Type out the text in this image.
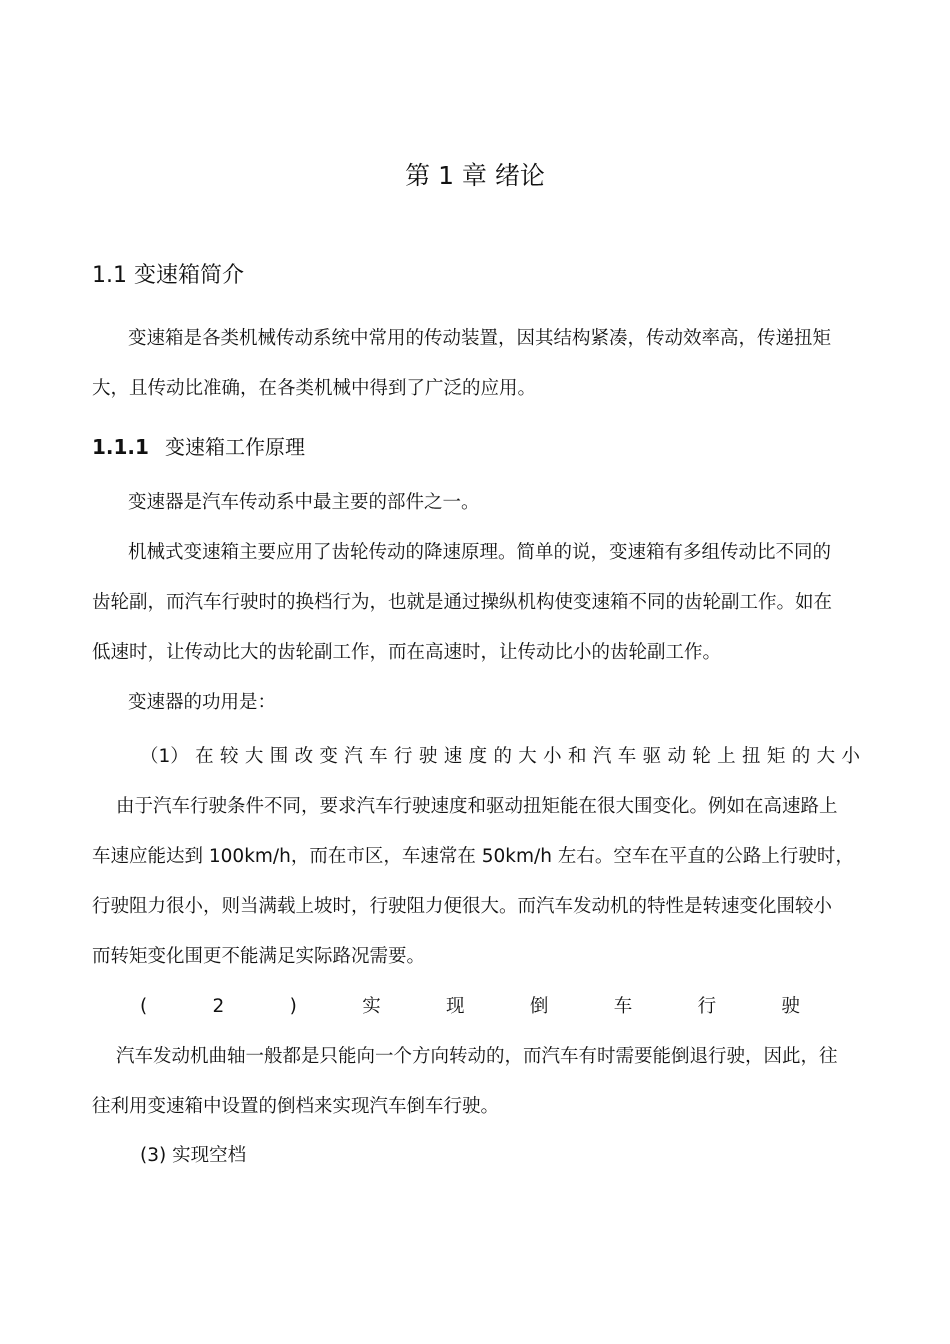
第 1 章 绪论
1.1 变速箱简介
变速箱是各类机械传动系统中常用的传动装置，因其结构紧凑，传动效率高，传递扭矩
大，且传动比准确，在各类机械中得到了广泛的应用。
1.1.1 变速箱工作原理
变速器是汽车传动系中最主要的部件之一。
机械式变速箱主要应用了齿轮传动的降速原理。简单的说，变速箱有多组传动比不同的
齿轮副，而汽车行驶时的换档行为，也就是通过操纵机构使变速箱不同的齿轮副工作。如在
低速时，让传动比大的齿轮副工作，而在高速时，让传动比小的齿轮副工作。
变速器的功用是：
（1） 在 较 大 围 改 变 汽 车 行 驶 速 度 的 大 小 和 汽 车 驱 动 轮 上 扭 矩 的 大 小
由于汽车行驶条件不同，要求汽车行驶速度和驱动扭矩能在很大围变化。例如在高速路上
车速应能达到 100km/h，而在市区，车速常在 50km/h 左右。空车在平直的公路上行驶时，
行驶阻力很小，则当满载上坡时，行驶阻力便很大。而汽车发动机的特性是转速变化围较小
而转矩变化围更不能满足实际路况需要。
(	2	)	实	现	倒	车	行	驶
汽车发动机曲轴一般都是只能向一个方向转动的，而汽车有时需要能倒退行驶，因此，往
往利用变速箱中设置的倒档来实现汽车倒车行驶。
(3) 实现空档
